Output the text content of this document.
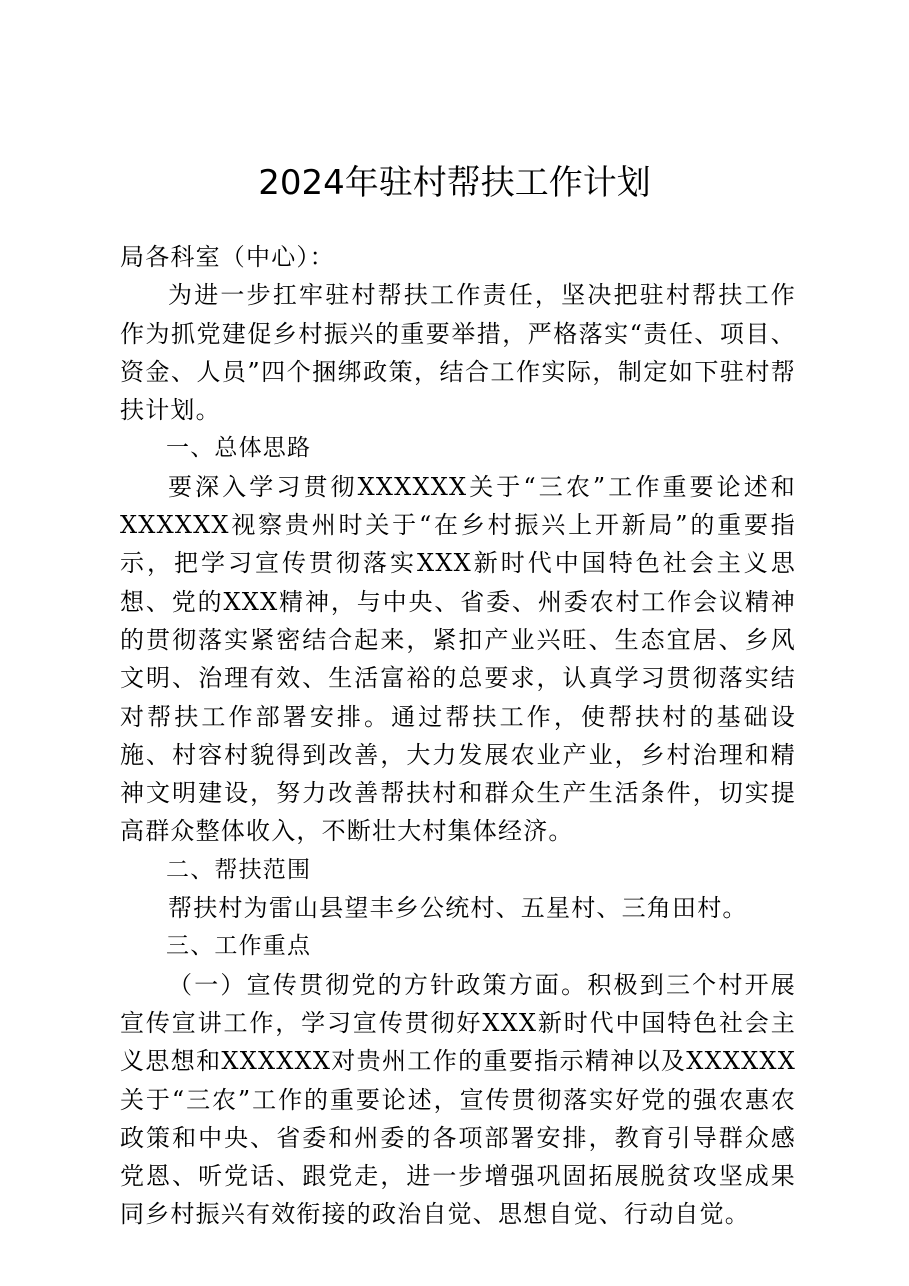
2024年驻村帮扶工作计划

局各科室（中心）：

为进一步扛牢驻村帮扶工作责任，坚决把驻村帮扶工作作为抓党建促乡村振兴的重要举措，严格落实“责任、项目、资金、人员”四个捆绑政策，结合工作实际，制定如下驻村帮扶计划。

一、总体思路

要深入学习贯彻XXXXXX关于“三农”工作重要论述和XXXXXX视察贵州时关于“在乡村振兴上开新局”的重要指示，把学习宣传贯彻落实XXX新时代中国特色社会主义思想、党的XXX精神，与中央、省委、州委农村工作会议精神的贯彻落实紧密结合起来，紧扣产业兴旺、生态宜居、乡风文明、治理有效、生活富裕的总要求，认真学习贯彻落实结对帮扶工作部署安排。通过帮扶工作，使帮扶村的基础设施、村容村貌得到改善，大力发展农业产业，乡村治理和精神文明建设，努力改善帮扶村和群众生产生活条件，切实提高群众整体收入，不断壮大村集体经济。

二、帮扶范围

帮扶村为雷山县望丰乡公统村、五星村、三角田村。

三、工作重点

（一）宣传贯彻党的方针政策方面。积极到三个村开展宣传宣讲工作，学习宣传贯彻好XXX新时代中国特色社会主义思想和XXXXXX对贵州工作的重要指示精神以及XXXXXX关于“三农”工作的重要论述，宣传贯彻落实好党的强农惠农政策和中央、省委和州委的各项部署安排，教育引导群众感党恩、听党话、跟党走，进一步增强巩固拓展脱贫攻坚成果同乡村振兴有效衔接的政治自觉、思想自觉、行动自觉。
